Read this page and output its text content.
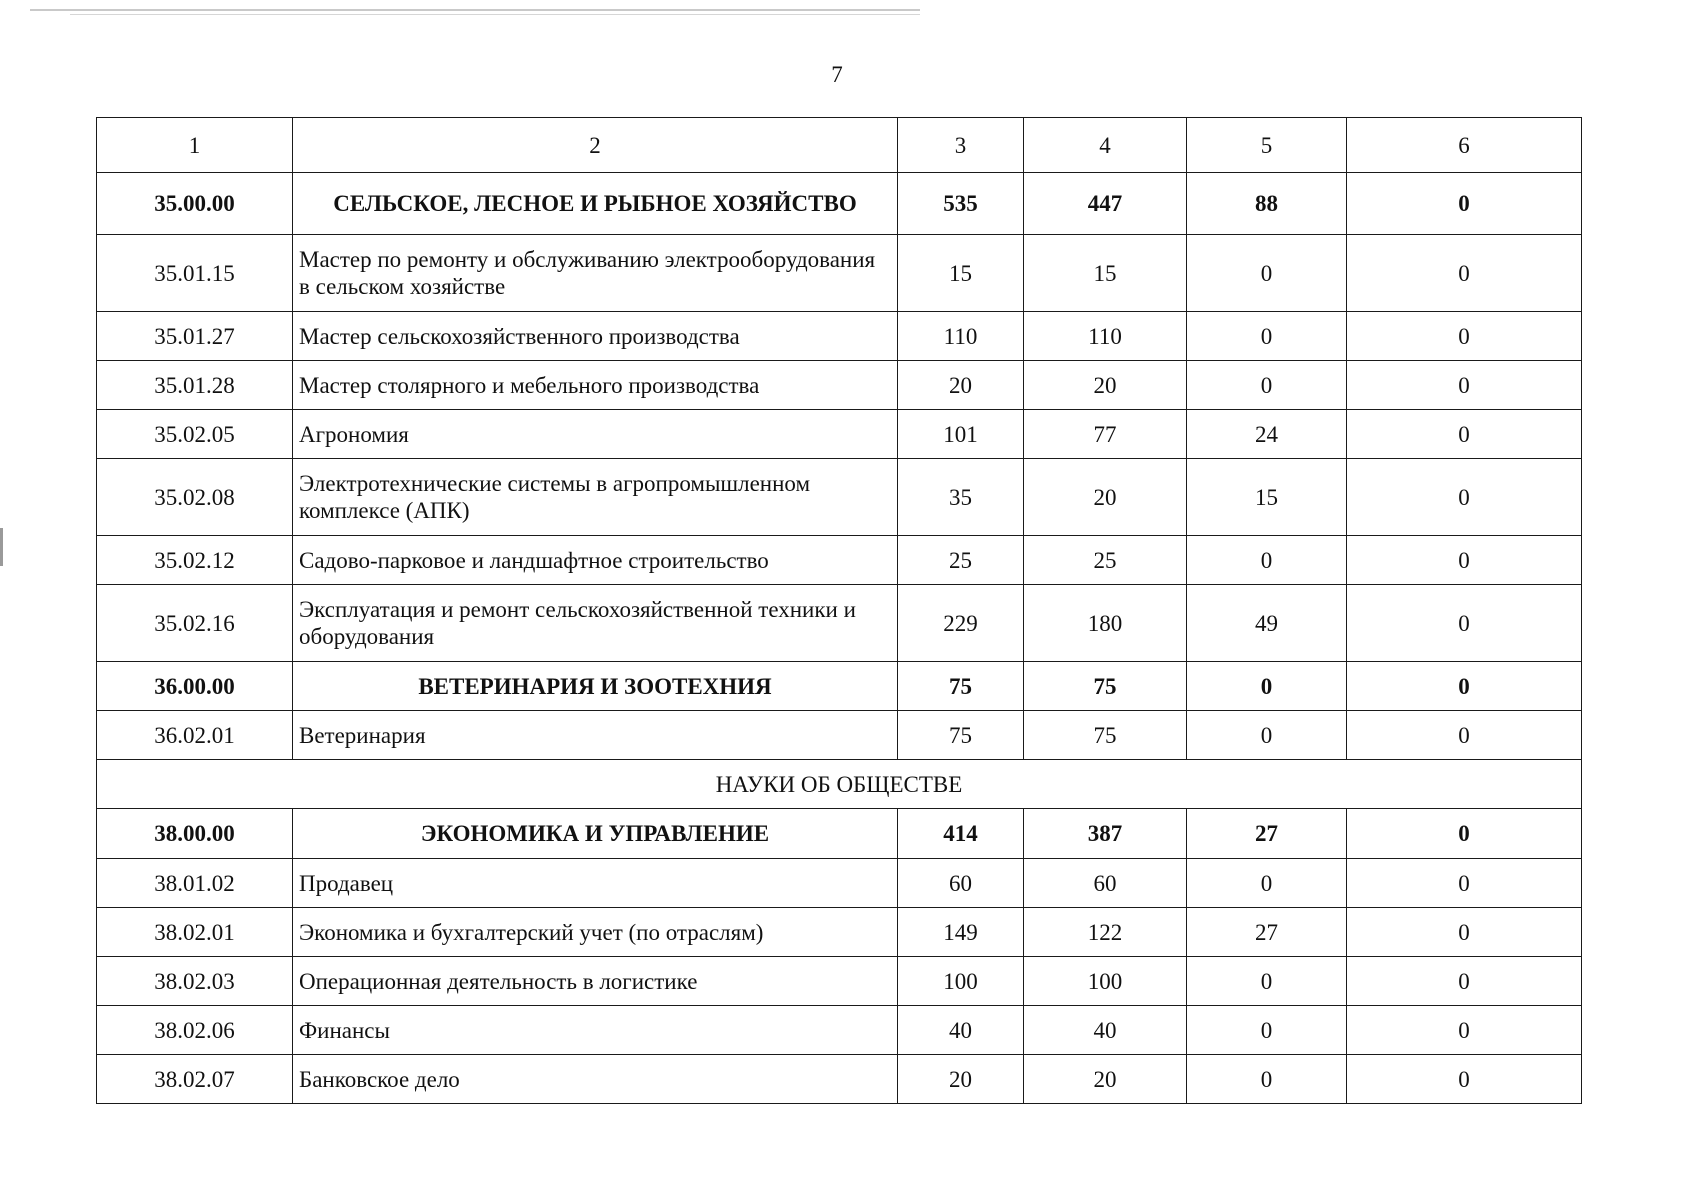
7
1	2	3	4	5	6
35.00.00	СЕЛЬСКОЕ, ЛЕСНОЕ И РЫБНОЕ ХОЗЯЙСТВО	535	447	88	0
35.01.15	Мастер по ремонту и обслуживанию электрооборудования в сельском хозяйстве	15	15	0	0
35.01.27	Мастер сельскохозяйственного производства	110	110	0	0
35.01.28	Мастер столярного и мебельного производства	20	20	0	0
35.02.05	Агрономия	101	77	24	0
35.02.08	Электротехнические системы в агропромышленном комплексе (АПК)	35	20	15	0
35.02.12	Садово-парковое и ландшафтное строительство	25	25	0	0
35.02.16	Эксплуатация и ремонт сельскохозяйственной техники и оборудования	229	180	49	0
36.00.00	ВЕТЕРИНАРИЯ И ЗООТЕХНИЯ	75	75	0	0
36.02.01	Ветеринария	75	75	0	0
НАУКИ ОБ ОБЩЕСТВЕ					
38.00.00	ЭКОНОМИКА И УПРАВЛЕНИЕ	414	387	27	0
38.01.02	Продавец	60	60	0	0
38.02.01	Экономика и бухгалтерский учет (по отраслям)	149	122	27	0
38.02.03	Операционная деятельность в логистике	100	100	0	0
38.02.06	Финансы	40	40	0	0
38.02.07	Банковское дело	20	20	0	0
